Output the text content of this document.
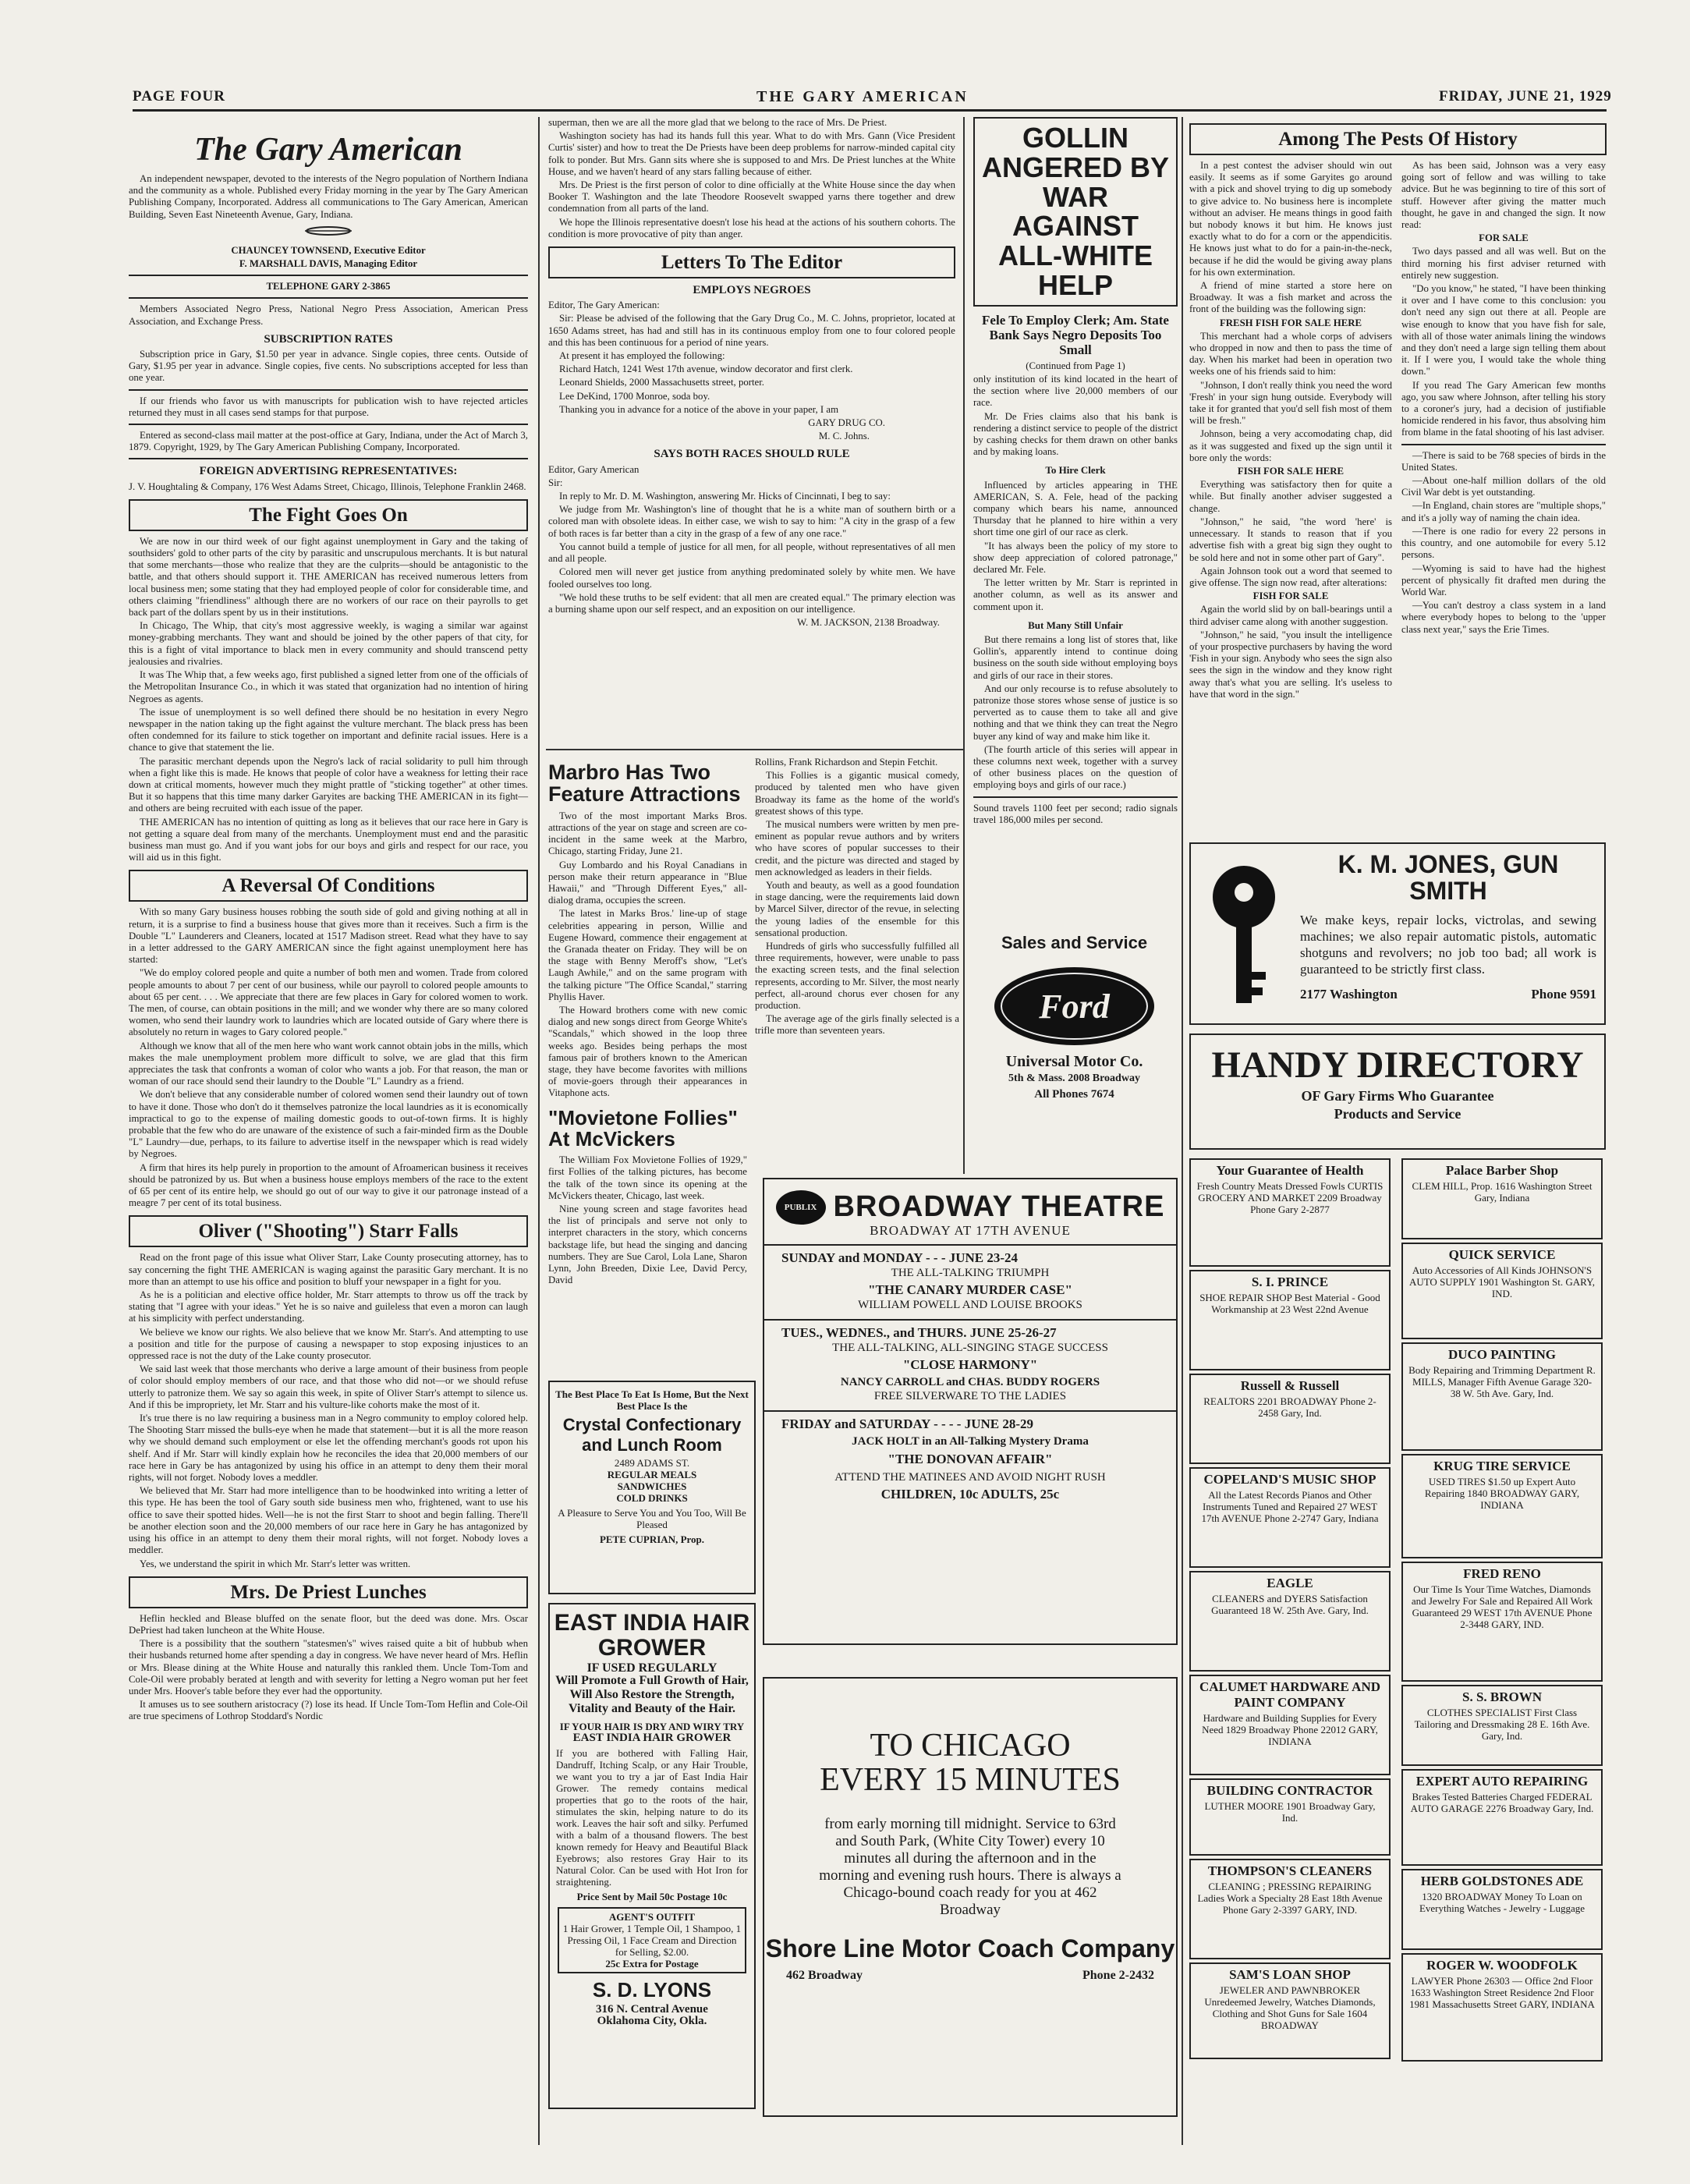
PAGE FOUR	THE GARY AMERICAN	FRIDAY, JUNE 21, 1929
The Gary American

An independent newspaper, devoted to the interests of the Negro population of Northern Indiana and the community as a whole. Published every Friday morning in the year by The Gary American Publishing Company, Incorporated. Address all communications to The Gary American, American Building, Seven East Nineteenth Avenue, Gary, Indiana.

CHAUNCEY TOWNSEND, Executive Editor

F. MARSHALL DAVIS, Managing Editor

TELEPHONE GARY 2-3865

Members Associated Negro Press, National Negro Press Association, American Press Association, and Exchange Press.

SUBSCRIPTION RATES

Subscription price in Gary, $1.50 per year in advance. Single copies, three cents. Outside of Gary, $1.95 per year in advance. Single copies, five cents. No subscriptions accepted for less than one year.

If our friends who favor us with manuscripts for publication wish to have rejected articles returned they must in all cases send stamps for that purpose.

Entered as second-class mail matter at the post-office at Gary, Indiana, under the Act of March 3, 1879. Copyright, 1929, by The Gary American Publishing Company, Incorporated.

FOREIGN ADVERTISING REPRESENTATIVES:

J. V. Houghtaling & Company, 176 West Adams Street, Chicago, Illinois, Telephone Franklin 2468.

The Fight Goes On

We are now in our third week of our fight against unemployment in Gary and the taking of southsiders' gold to other parts of the city by parasitic and unscrupulous merchants. It is but natural that some merchants—those who realize that they are the culprits—should be antagonistic to the battle, and that others should support it. THE AMERICAN has received numerous letters from local business men; some stating that they had employed people of color for considerable time, and others claiming "friendliness" although there are no workers of our race on their payrolls to get back part of the dollars spent by us in their institutions.

In Chicago, The Whip, that city's most aggressive weekly, is waging a similar war against money-grabbing merchants. They want and should be joined by the other papers of that city, for this is a fight of vital importance to black men in every community and should transcend petty jealousies and rivalries.

It was The Whip that, a few weeks ago, first published a signed letter from one of the officials of the Metropolitan Insurance Co., in which it was stated that organization had no intention of hiring Negroes as agents.

The issue of unemployment is so well defined there should be no hesitation in every Negro newspaper in the nation taking up the fight against the vulture merchant. The black press has been often condemned for its failure to stick together on important and definite racial issues. Here is a chance to give that statement the lie.

The parasitic merchant depends upon the Negro's lack of racial solidarity to pull him through when a fight like this is made. He knows that people of color have a weakness for letting their race down at critical moments, however much they might prattle of "sticking together" at other times. But it so happens that this time many darker Garyites are backing THE AMERICAN in its fight—and others are being recruited with each issue of the paper.

THE AMERICAN has no intention of quitting as long as it believes that our race here in Gary is not getting a square deal from many of the merchants. Unemployment must end and the parasitic business man must go. And if you want jobs for our boys and girls and respect for our race, you will aid us in this fight.

A Reversal Of Conditions

With so many Gary business houses robbing the south side of gold and giving nothing at all in return, it is a surprise to find a business house that gives more than it receives. Such a firm is the Double "L" Launderers and Cleaners, located at 1517 Madison street. Read what they have to say in a letter addressed to the GARY AMERICAN since the fight against unemployment here has started:

"We do employ colored people and quite a number of both men and women. Trade from colored people amounts to about 7 per cent of our business, while our payroll to colored people amounts to about 65 per cent. . . . We appreciate that there are few places in Gary for colored women to work. The men, of course, can obtain positions in the mill; and we wonder why there are so many colored women, who send their laundry work to laundries which are located outside of Gary where there is absolutely no return in wages to Gary colored people."

Although we know that all of the men here who want work cannot obtain jobs in the mills, which makes the male unemployment problem more difficult to solve, we are glad that this firm appreciates the task that confronts a woman of color who wants a job. For that reason, the man or woman of our race should send their laundry to the Double "L" Laundry as a friend.

We don't believe that any considerable number of colored women send their laundry out of town to have it done. Those who don't do it themselves patronize the local laundries as it is economically impractical to go to the expense of mailing domestic goods to out-of-town firms. It is highly probable that the few who do are unaware of the existence of such a fair-minded firm as the Double "L" Laundry—due, perhaps, to its failure to advertise itself in the newspaper which is read widely by Negroes.

A firm that hires its help purely in proportion to the amount of Afroamerican business it receives should be patronized by us. But when a business house employs members of the race to the extent of 65 per cent of its entire help, we should go out of our way to give it our patronage instead of a meagre 7 per cent of its total business.

Oliver ("Shooting") Starr Falls

Read on the front page of this issue what Oliver Starr, Lake County prosecuting attorney, has to say concerning the fight THE AMERICAN is waging against the parasitic Gary merchant. It is no more than an attempt to use his office and position to bluff your newspaper in a fight for you.

As he is a politician and elective office holder, Mr. Starr attempts to throw us off the track by stating that "I agree with your ideas." Yet he is so naive and guileless that even a moron can laugh at his simplicity with perfect understanding.

We believe we know our rights. We also believe that we know Mr. Starr's. And attempting to use a position and title for the purpose of causing a newspaper to stop exposing injustices to an oppressed race is not the duty of the Lake county prosecutor.

We said last week that those merchants who derive a large amount of their business from people of color should employ members of our race, and that those who did not—or we should refuse utterly to patronize them. We say so again this week, in spite of Oliver Starr's attempt to silence us. And if this be impropriety, let Mr. Starr and his vulture-like cohorts make the most of it.

It's true there is no law requiring a business man in a Negro community to employ colored help. The Shooting Starr missed the bulls-eye when he made that statement—but it is all the more reason why we should demand such employment or else let the offending merchant's goods rot upon his shelf. And if Mr. Starr will kindly explain how he reconciles the idea that 20,000 members of our race here in Gary be has antagonized by using his office in an attempt to deny them their moral rights, will not forget. Nobody loves a meddler.

We believed that Mr. Starr had more intelligence than to be hoodwinked into writing a letter of this type. He has been the tool of Gary south side business men who, frightened, want to use his office to save their spotted hides. Well—he is not the first Starr to shoot and begin falling. There'll be another election soon and the 20,000 members of our race here in Gary he has antagonized by using his office in an attempt to deny them their moral rights, will not forget. Nobody loves a meddler.

Yes, we understand the spirit in which Mr. Starr's letter was written.

Mrs. De Priest Lunches

Heflin heckled and Blease bluffed on the senate floor, but the deed was done. Mrs. Oscar DePriest had taken luncheon at the White House.

There is a possibility that the southern "statesmen's" wives raised quite a bit of hubbub when their husbands returned home after spending a day in congress. We have never heard of Mrs. Heflin or Mrs. Blease dining at the White House and naturally this rankled them. Uncle Tom-Tom and Cole-Oil were probably berated at length and with severity for letting a Negro woman put her feet under Mrs. Hoover's table before they ever had the opportunity.

It amuses us to see southern aristocracy (?) lose its head. If Uncle Tom-Tom Heflin and Cole-Oil are true specimens of Lothrop Stoddard's Nordic

superman, then we are all the more glad that we belong to the race of Mrs. De Priest.

Washington society has had its hands full this year. What to do with Mrs. Gann (Vice President Curtis' sister) and how to treat the De Priests have been deep problems for narrow-minded capital city folk to ponder. But Mrs. Gann sits where she is supposed to and Mrs. De Priest lunches at the White House, and we haven't heard of any stars falling because of either.

Mrs. De Priest is the first person of color to dine officially at the White House since the day when Booker T. Washington and the late Theodore Roosevelt swapped yarns there together and drew condemnation from all parts of the land.

We hope the Illinois representative doesn't lose his head at the actions of his southern cohorts. The condition is more provocative of pity than anger.

Letters To The Editor

EMPLOYS NEGROES

Editor, The Gary American:

Sir: Please be advised of the following that the Gary Drug Co., M. C. Johns, proprietor, located at 1650 Adams street, has had and still has in its continuous employ from one to four colored people and this has been continuous for a period of nine years.

At present it has employed the following:

Richard Hatch, 1241 West 17th avenue, window decorator and first clerk.

Leonard Shields, 2000 Massachusetts street, porter.

Lee DeKind, 1700 Monroe, soda boy.

Thanking you in advance for a notice of the above in your paper, I am

GARY DRUG CO.

M. C. Johns.

SAYS BOTH RACES SHOULD RULE

Editor, Gary American

Sir:

In reply to Mr. D. M. Washington, answering Mr. Hicks of Cincinnati, I beg to say:

We judge from Mr. Washington's line of thought that he is a white man of southern birth or a colored man with obsolete ideas. In either case, we wish to say to him: "A city in the grasp of a few of both races is far better than a city in the grasp of a few of any one race."

You cannot build a temple of justice for all men, for all people, without representatives of all men and all people.

Colored men will never get justice from anything predominated solely by white men. We have fooled ourselves too long.

"We hold these truths to be self evident: that all men are created equal." The primary election was a burning shame upon our self respect, and an exposition on our intelligence.

W. M. JACKSON, 2138 Broadway.

Marbro Has Two Feature Attractions

Two of the most important Marks Bros. attractions of the year on stage and screen are co-incident in the same week at the Marbro, Chicago, starting Friday, June 21.

Guy Lombardo and his Royal Canadians in person make their return appearance in "Blue Hawaii," and "Through Different Eyes," all-dialog drama, occupies the screen.

The latest in Marks Bros.' line-up of stage celebrities appearing in person, Willie and Eugene Howard, commence their engagement at the Granada theater on Friday. They will be on the stage with Benny Meroff's show, "Let's Laugh Awhile," and on the same program with the talking picture "The Office Scandal," starring Phyllis Haver.

The Howard brothers come with new comic dialog and new songs direct from George White's "Scandals," which showed in the loop three weeks ago. Besides being perhaps the most famous pair of brothers known to the American stage, they have become favorites with millions of movie-goers through their appearances in Vitaphone acts.

"Movietone Follies" At McVickers

The William Fox Movietone Follies of 1929," first Follies of the talking pictures, has become the talk of the town since its opening at the McVickers theater, Chicago, last week.

Nine young screen and stage favorites head the list of principals and serve not only to interpret characters in the story, which concerns backstage life, but head the singing and dancing numbers. They are Sue Carol, Lola Lane, Sharon Lynn, John Breeden, Dixie Lee, David Percy, David

Rollins, Frank Richardson and Stepin Fetchit.

This Follies is a gigantic musical comedy, produced by talented men who have given Broadway its fame as the home of the world's greatest shows of this type.

The musical numbers were written by men pre-eminent as popular revue authors and by writers who have scores of popular successes to their credit, and the picture was directed and staged by men acknowledged as leaders in their fields.

Youth and beauty, as well as a good foundation in stage dancing, were the requirements laid down by Marcel Silver, director of the revue, in selecting the young ladies of the ensemble for this sensational production.

Hundreds of girls who successfully fulfilled all three requirements, however, were unable to pass the exacting screen tests, and the final selection represents, according to Mr. Silver, the most nearly perfect, all-around chorus ever chosen for any production.

The average age of the girls finally selected is a trifle more than seventeen years.

The Best Place To Eat Is Home, But the Next Best Place Is the
Crystal Confectionary and Lunch Room
2489 ADAMS ST.
REGULAR MEALS
SANDWICHES
COLD DRINKS
A Pleasure to Serve You and You Too, Will Be Pleased
PETE CUPRIAN, Prop.
EAST INDIA HAIR GROWER
IF USED REGULARLY
Will Promote a Full Growth of Hair, Will Also Restore the Strength, Vitality and Beauty of the Hair.
IF YOUR HAIR IS DRY AND WIRY TRY
EAST INDIA HAIR GROWER
If you are bothered with Falling Hair, Dandruff, Itching Scalp, or any Hair Trouble, we want you to try a jar of East India Hair Grower. The remedy contains medical properties that go to the roots of the hair, stimulates the skin, helping nature to do its work. Leaves the hair soft and silky. Perfumed with a balm of a thousand flowers. The best known remedy for Heavy and Beautiful Black Eyebrows; also restores Gray Hair to its Natural Color. Can be used with Hot Iron for straightening.
Price Sent by Mail 50c Postage 10c
AGENT'S OUTFIT
1 Hair Grower, 1 Temple Oil, 1 Shampoo, 1 Pressing Oil, 1 Face Cream and Direction for Selling, $2.00.
25c Extra for Postage
S. D. LYONS
316 N. Central Avenue
Oklahoma City, Okla.
GOLLIN ANGERED BY WAR AGAINST ALL-WHITE HELP
Fele To Employ Clerk; Am. State Bank Says Negro Deposits Too Small

(Continued from Page 1)

only institution of its kind located in the heart of the section where live 20,000 members of our race.

Mr. De Fries claims also that his bank is rendering a distinct service to people of the district by cashing checks for them drawn on other banks and by making loans.

To Hire Clerk

Influenced by articles appearing in THE AMERICAN, S. A. Fele, head of the packing company which bears his name, announced Thursday that he planned to hire within a very short time one girl of our race as clerk.

"It has always been the policy of my store to show deep appreciation of colored patronage," declared Mr. Fele.

The letter written by Mr. Starr is reprinted in another column, as well as its answer and comment upon it.

But Many Still Unfair

But there remains a long list of stores that, like Gollin's, apparently intend to continue doing business on the south side without employing boys and girls of our race in their stores.

And our only recourse is to refuse absolutely to patronize those stores whose sense of justice is so perverted as to cause them to take all and give nothing and that we think they can treat the Negro buyer any kind of way and make him like it.

(The fourth article of this series will appear in these columns next week, together with a survey of other business places on the question of employing boys and girls of our race.)

Sound travels 1100 feet per second; radio signals travel 186,000 miles per second.

Sales and Service
Ford
Universal Motor Co.
5th & Mass. 2008 Broadway
All Phones 7674
PUBLIX BROADWAY THEATRE
BROADWAY AT 17TH AVENUE
SUNDAY and MONDAY - - - JUNE 23-24
THE ALL-TALKING TRIUMPH
"THE CANARY MURDER CASE"
WILLIAM POWELL AND LOUISE BROOKS
TUES., WEDNES., and THURS. JUNE 25-26-27
THE ALL-TALKING, ALL-SINGING STAGE SUCCESS
"CLOSE HARMONY"
NANCY CARROLL and CHAS. BUDDY ROGERS
FREE SILVERWARE TO THE LADIES
FRIDAY and SATURDAY - - - - JUNE 28-29
JACK HOLT in an All-Talking Mystery Drama
"THE DONOVAN AFFAIR"
ATTEND THE MATINEES AND AVOID NIGHT RUSH
CHILDREN, 10c ADULTS, 25c
TO CHICAGO
EVERY 15 MINUTES
from early morning till midnight. Service to 63rd and South Park, (White City Tower) every 10 minutes all during the afternoon and in the morning and evening rush hours. There is always a Chicago-bound coach ready for you at 462 Broadway
Shore Line Motor Coach Company
462 Broadway	Phone 2-2432
Among The Pests Of History

In a pest contest the adviser should win out easily. It seems as if some Garyites go around with a pick and shovel trying to dig up somebody to give advice to. No business here is incomplete without an adviser. He means things in good faith but nobody knows it but him. He knows just exactly what to do for a corn or the appendicitis. He knows just what to do for a pain-in-the-neck, because if he did the would be giving away plans for his own extermination.

A friend of mine started a store here on Broadway. It was a fish market and across the front of the building was the following sign:

FRESH FISH FOR SALE HERE

This merchant had a whole corps of advisers who dropped in now and then to pass the time of day. When his market had been in operation two weeks one of his friends said to him:

"Johnson, I don't really think you need the word 'Fresh' in your sign hung outside. Everybody will take it for granted that you'd sell fish most of them will be fresh."

Johnson, being a very accomodating chap, did as it was suggested and fixed up the sign until it bore only the words:

FISH FOR SALE HERE

Everything was satisfactory then for quite a while. But finally another adviser suggested a change.

"Johnson," he said, "the word 'here' is unnecessary. It stands to reason that if you advertise fish with a great big sign they ought to be sold here and not in some other part of Gary".

Again Johnson took out a word that seemed to give offense. The sign now read, after alterations:

FISH FOR SALE

Again the world slid by on ball-bearings until a third adviser came along with another suggestion.

"Johnson," he said, "you insult the intelligence of your prospective purchasers by having the word 'Fish in your sign. Anybody who sees the sign also sees the sign in the window and they know right away that's what you are selling. It's useless to have that word in the sign."

As has been said, Johnson was a very easy going sort of fellow and was willing to take advice. But he was beginning to tire of this sort of stuff. However after giving the matter much thought, he gave in and changed the sign. It now read:

FOR SALE

Two days passed and all was well. But on the third morning his first adviser returned with entirely new suggestion.

"Do you know," he stated, "I have been thinking it over and I have come to this conclusion: you don't need any sign out there at all. People are wise enough to know that you have fish for sale, with all of those water animals lining the windows and they don't need a large sign telling them about it. If I were you, I would take the whole thing down."

If you read The Gary American few months ago, you saw where Johnson, after telling his story to a coroner's jury, had a decision of justifiable homicide rendered in his favor, thus absolving him from blame in the fatal shooting of his last adviser.

—There is said to be 768 species of birds in the United States.

—About one-half million dollars of the old Civil War debt is yet outstanding.

—In England, chain stores are "multiple shops," and it's a jolly way of naming the chain idea.

—There is one radio for every 22 persons in this country, and one automobile for every 5.12 persons.

—Wyoming is said to have had the highest percent of physically fit drafted men during the World War.

—You can't destroy a class system in a land where everybody hopes to belong to the 'upper class next year," says the Erie Times.

K. M. JONES, GUN SMITH
We make keys, repair locks, victrolas, and sewing machines; we also repair automatic pistols, automatic shotguns and revolvers; no job too bad; all work is guaranteed to be strictly first class.
2177 Washington	Phone 9591
HANDY DIRECTORY
OF Gary Firms Who Guarantee
Products and Service
Your Guarantee of Health
Fresh Country Meats Dressed Fowls CURTIS GROCERY AND MARKET 2209 Broadway Phone Gary 2-2877
S. I. PRINCE
SHOE REPAIR SHOP Best Material - Good Workmanship at 23 West 22nd Avenue
Russell & Russell
REALTORS 2201 BROADWAY Phone 2-2458 Gary, Ind.
COPELAND'S MUSIC SHOP
All the Latest Records Pianos and Other Instruments Tuned and Repaired 27 WEST 17th AVENUE Phone 2-2747 Gary, Indiana
EAGLE
CLEANERS and DYERS Satisfaction Guaranteed 18 W. 25th Ave. Gary, Ind.
CALUMET HARDWARE AND PAINT COMPANY
Hardware and Building Supplies for Every Need 1829 Broadway Phone 22012 GARY, INDIANA
BUILDING CONTRACTOR
LUTHER MOORE 1901 Broadway Gary, Ind.
THOMPSON'S CLEANERS
CLEANING ; PRESSING REPAIRING Ladies Work a Specialty 28 East 18th Avenue Phone Gary 2-3397 GARY, IND.
SAM'S LOAN SHOP
JEWELER AND PAWNBROKER Unredeemed Jewelry, Watches Diamonds, Clothing and Shot Guns for Sale 1604 BROADWAY
Palace Barber Shop
CLEM HILL, Prop. 1616 Washington Street Gary, Indiana
QUICK SERVICE
Auto Accessories of All Kinds JOHNSON'S AUTO SUPPLY 1901 Washington St. GARY, IND.
DUCO PAINTING
Body Repairing and Trimming Department R. MILLS, Manager Fifth Avenue Garage 320-38 W. 5th Ave. Gary, Ind.
KRUG TIRE SERVICE
USED TIRES $1.50 up Expert Auto Repairing 1840 BROADWAY GARY, INDIANA
FRED RENO
Our Time Is Your Time Watches, Diamonds and Jewelry For Sale and Repaired All Work Guaranteed 29 WEST 17th AVENUE Phone 2-3448 GARY, IND.
S. S. BROWN
CLOTHES SPECIALIST First Class Tailoring and Dressmaking 28 E. 16th Ave. Gary, Ind.
EXPERT AUTO REPAIRING
Brakes Tested Batteries Charged FEDERAL AUTO GARAGE 2276 Broadway Gary, Ind.
HERB GOLDSTONES ADE
1320 BROADWAY Money To Loan on Everything Watches - Jewelry - Luggage
ROGER W. WOODFOLK
LAWYER Phone 26303 — Office 2nd Floor 1633 Washington Street Residence 2nd Floor 1981 Massachusetts Street GARY, INDIANA
